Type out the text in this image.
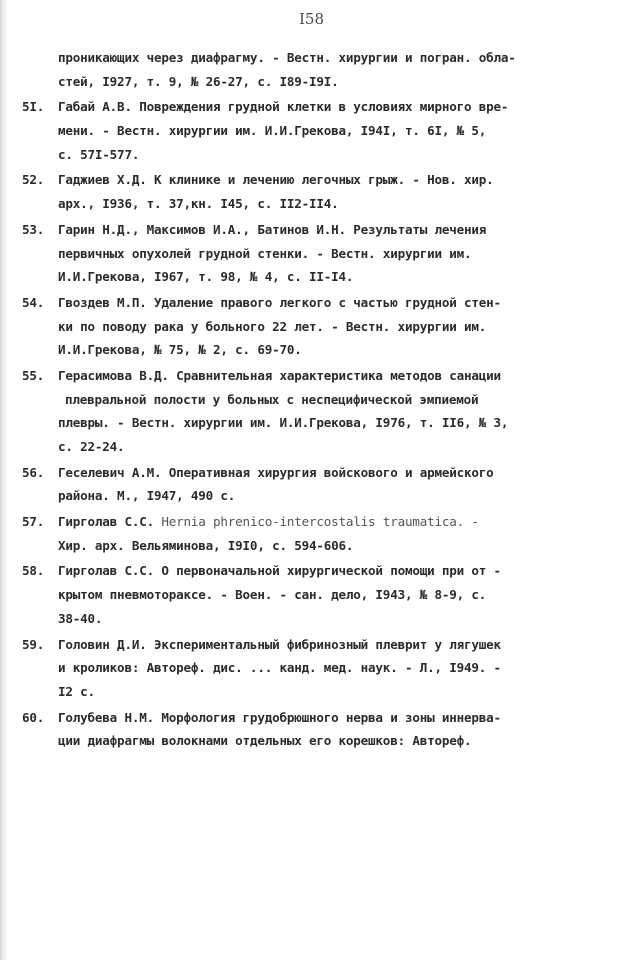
I58
проникающих через диафрагму. - Вестн. хирургии и погран. обла-
стей, I927, т. 9, № 26-27, с. I89-I9I.
5I. Габай А.В. Повреждения грудной клетки в условиях мирного вре-
мени. - Вестн. хирургии им. И.И.Грекова, I94I, т. 6I, № 5,
с. 57I-577.
52. Гаджиев Х.Д. К клинике и лечению легочных грыж. - Нов. хир.
арх., I936, т. 37,кн. I45, с. II2-II4.
53. Гарин Н.Д., Максимов И.А., Батинов И.Н. Результаты лечения
первичных опухолей грудной стенки. - Вестн. хирургии им.
И.И.Грекова, I967, т. 98, № 4, с. II-I4.
54. Гвоздев М.П. Удаление правого легкого с частью грудной стен-
ки по поводу рака у больного 22 лет. - Вестн. хирургии им.
И.И.Грекова, № 75, № 2, с. 69-70.
55. Герасимова В.Д. Сравнительная характеристика методов санации
плевральной полости у больных с неспецифической эмпиемой
плевры. - Вестн. хирургии им. И.И.Грекова, I976, т. II6, № 3,
с. 22-24.
56. Геселевич А.М. Оперативная хирургия войскового и армейского
района. М., I947, 490 с.
57. Гирголав С.С. Hernia phrenico-intercostalis traumatica. -
Хир. арх. Вельяминова, I9I0, с. 594-606.
58. Гирголав С.С. О первоначальной хирургической помощи при от -
крытом пневмотораксе. - Воен. - сан. дело, I943, № 8-9, с.
38-40.
59. Головин Д.И. Экспериментальный фибринозный плеврит у лягушек
и кроликов: Автореф. дис. ... канд. мед. наук. - Л., I949. -
I2 с.
60. Голубева Н.М. Морфология грудобрюшного нерва и зоны иннерва-
ции диафрагмы волокнами отдельных его корешков: Автореф.
